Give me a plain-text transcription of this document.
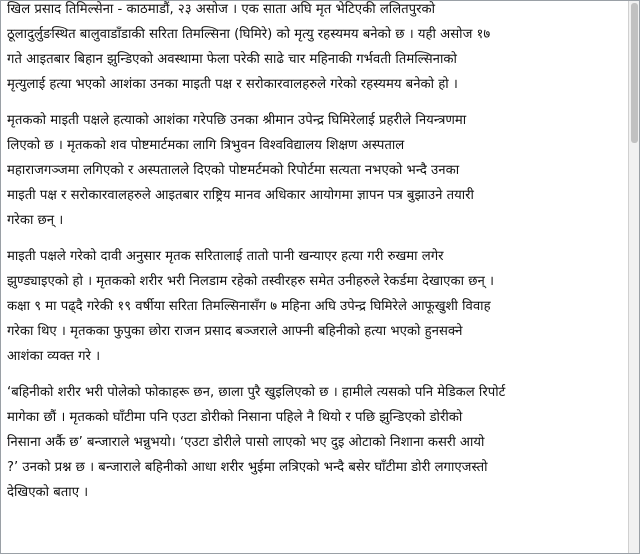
खिल प्रसाद तिमिल्सेना - काठमाडौं, २३ असोज । एक साता अघि मृत भेटिएकी ललितपुरको
ठूलादुर्लुङस्थित बालुवाडाँडाकी सरिता तिमल्सिना (घिमिरे) को मृत्यु रहस्यमय बनेको छ । यही असोज १७
गते आइतबार बिहान झुन्डिएको अवस्थामा फेला परेकी साढे चार महिनाकी गर्भवती तिमल्सिनाको
मृत्युलाई हत्या भएको आशंका उनका माइती पक्ष र सरोकारवालहरुले गरेको रहस्यमय बनेको हो ।

मृतकको माइती पक्षले हत्याको आशंका गरेपछि उनका श्रीमान उपेन्द्र घिमिरेलाई प्रहरीले नियन्त्रणमा
लिएको छ । मृतकको शव पोष्टमार्टमका लागि त्रिभुवन विश्वविद्यालय शिक्षण अस्पताल
महाराजगञ्जमा लगिएको र अस्पतालले दिएको पोष्टमर्टमको रिपोर्टमा सत्यता नभएको भन्दै उनका
माइती पक्ष र सरोकारवालहरुले आइतबार राष्ट्रिय मानव अधिकार आयोगमा ज्ञापन पत्र बुझाउने तयारी
गरेका छन् ।

माइती पक्षले गरेको दावी अनुसार मृतक सरितालाई तातो पानी खन्याएर हत्या गरी रुखमा लगेर
झुण्ड्याइएको हो । मृतकको शरीर भरी निलडाम रहेको तस्वीरहरु समेत उनीहरुले रेकर्डमा देखाएका छन् ।
कक्षा ९ मा पढ्दै गरेकी १९ वर्षीया सरिता तिमल्सिनासँग ७ महिना अघि उपेन्द्र घिमिरेले आफूखुशी विवाह
गरेका थिए । मृतकका फुपुका छोरा राजन प्रसाद बञ्जराले आफ्नी बहिनीको हत्या भएको हुनसक्ने
आशंका व्यक्त गरे ।

‘बहिनीको शरीर भरी पोलेको फोकाहरू छन, छाला पुरै खुइलिएको छ । हामीले त्यसको पनि मेडिकल रिपोर्ट
मागेका छौं । मृतकको घाँटीमा पनि एउटा डोरीको निसाना पहिले नै थियो र पछि झुन्डिएको डोरीको
निसाना अर्कै छ’ बन्जाराले भन्नुभयो। ‘एउटा डोरीले पासो लाएको भए दुइ ओटाको निशाना कसरी आयो
?’ उनको प्रश्न छ । बन्जाराले बहिनीको आधा शरीर भुईमा लत्रिएको भन्दै बसेर घाँटीमा डोरी लगाएजस्तो
देखिएको बताए ।
